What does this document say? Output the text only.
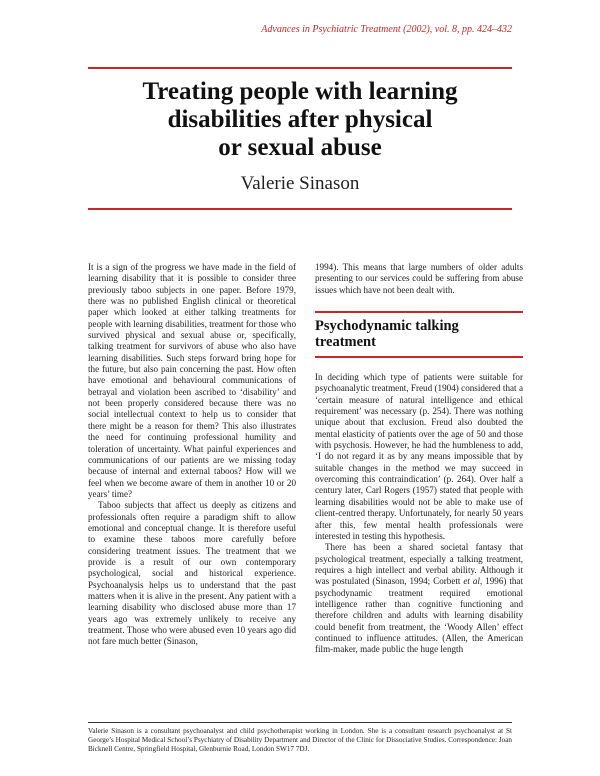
Advances in Psychiatric Treatment (2002), vol. 8, pp. 424–432
Treating people with learning
disabilities after physical
or sexual abuse
Valerie Sinason

It is a sign of the progress we have made in the field of learning disability that it is possible to consider three previously taboo subjects in one paper. Before 1979, there was no published English clinical or theoretical paper which looked at either talking treatments for people with learning disabilities, treatment for those who survived physical and sexual abuse or, specifically, talking treatment for survivors of abuse who also have learning disabilities. Such steps forward bring hope for the future, but also pain concerning the past. How often have emotional and behavioural communications of betrayal and violation been ascribed to ‘disability’ and not been properly considered because there was no social intellectual context to help us to consider that there might be a reason for them? This also illustrates the need for continuing professional humility and toleration of uncertainty. What painful experiences and communications of our patients are we missing today because of internal and external taboos? How will we feel when we become aware of them in another 10 or 20 years’ time?

Taboo subjects that affect us deeply as citizens and professionals often require a paradigm shift to allow emotional and conceptual change. It is therefore useful to examine these taboos more carefully before considering treatment issues. The treatment that we provide is a result of our own contemporary psychological, social and historical experience. Psychoanalysis helps us to understand that the past matters when it is alive in the present. Any patient with a learning disability who disclosed abuse more than 17 years ago was extremely unlikely to receive any treatment. Those who were abused even 10 years ago did not fare much better (Sinason,

1994). This means that large numbers of older adults presenting to our services could be suffering from abuse issues which have not been dealt with.

Psychodynamic talking treatment

In deciding which type of patients were suitable for psychoanalytic treatment, Freud (1904) considered that a ‘certain measure of natural intelligence and ethical requirement’ was necessary (p. 254). There was nothing unique about that exclusion. Freud also doubted the mental elasticity of patients over the age of 50 and those with psychosis. However, he had the humbleness to add, ‘I do not regard it as by any means impossible that by suitable changes in the method we may succeed in overcoming this contraindication’ (p. 264). Over half a century later, Carl Rogers (1957) stated that people with learning disabilities would not be able to make use of client-centred therapy. Unfortunately, for nearly 50 years after this, few mental health professionals were interested in testing this hypothesis.

There has been a shared societal fantasy that psychological treatment, especially a talking treatment, requires a high intellect and verbal ability. Although it was postulated (Sinason, 1994; Corbett et al, 1996) that psychodynamic treatment required emotional intelligence rather than cognitive functioning and therefore children and adults with learning disability could benefit from treatment, the ‘Woody Allen’ effect continued to influence attitudes. (Allen, the American film-maker, made public the huge length

Valerie Sinason is a consultant psychoanalyst and child psychotherapist working in London. She is a consultant research psychoanalyst at St George’s Hospital Medical School’s Psychiatry of Disability Department and Director of the Clinic for Dissociative Studies. Correspondence: Joan Bicknell Centre, Springfield Hospital, Glenburnie Road, London SW17 7DJ.
